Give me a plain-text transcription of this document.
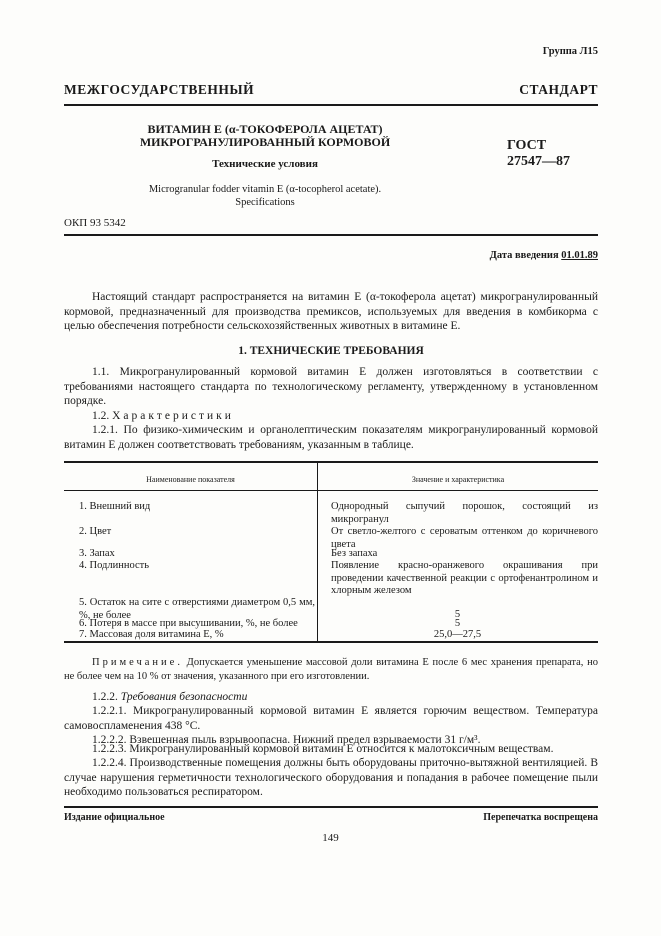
Группа Л15
МЕЖГОСУДАРСТВЕННЫЙ СТАНДАРТ
ВИТАМИН Е (α-ТОКОФЕРОЛА АЦЕТАТ)
МИКРОГРАНУЛИРОВАННЫЙ КОРМОВОЙ
Технические условия
Microgranular fodder vitamin E (α-tocopherol acetate).
Specifications
ГОСТ
27547—87
ОКП 93 5342
Дата введения 01.01.89
Настоящий стандарт распространяется на витамин Е (α-токоферола ацетат) микрогранулированный кормовой, предназначенный для производства премиксов, используемых для введения в комбикорма с целью обеспечения потребности сельскохозяйственных животных в витамине Е.
1. ТЕХНИЧЕСКИЕ ТРЕБОВАНИЯ
1.1. Микрогранулированный кормовой витамин Е должен изготовляться в соответствии с требованиями настоящего стандарта по технологическому регламенту, утвержденному в установленном порядке.
1.2. Характеристики
1.2.1. По физико-химическим и органолептическим показателям микрогранулированный кормовой витамин Е должен соответствовать требованиям, указанным в таблице.
Наименование показателя	Значение и характеристика
1. Внешний вид	Однородный сыпучий порошок, состоящий из микрогранул
2. Цвет	От светло-желтого с сероватым оттенком до коричневого цвета
3. Запах	Без запаха
4. Подлинность	Появление красно-оранжевого окрашивания при проведении качественной реакции с ортофенантролином и хлорным железом
5. Остаток на сите с отверстиями диаметром 0,5 мм, %, не более	5
6. Потеря в массе при высушивании, %, не более	5
7. Массовая доля витамина Е, %	25,0—27,5
Примечание. Допускается уменьшение массовой доли витамина Е после 6 мес хранения препарата, но не более чем на 10 % от значения, указанного при его изготовлении.
1.2.2. Требования безопасности
1.2.2.1. Микрогранулированный кормовой витамин Е является горючим веществом. Температура самовоспламенения 438 °С.
1.2.2.2. Взвешенная пыль взрывоопасна. Нижний предел взрываемости 31 г/м³.
1.2.2.3. Микрогранулированный кормовой витамин Е относится к малотоксичным веществам.
1.2.2.4. Производственные помещения должны быть оборудованы приточно-вытяжной вентиляцией. В случае нарушения герметичности технологического оборудования и попадания в рабочее помещение пыли необходимо пользоваться респиратором.
Издание официальное	Перепечатка воспрещена
149
